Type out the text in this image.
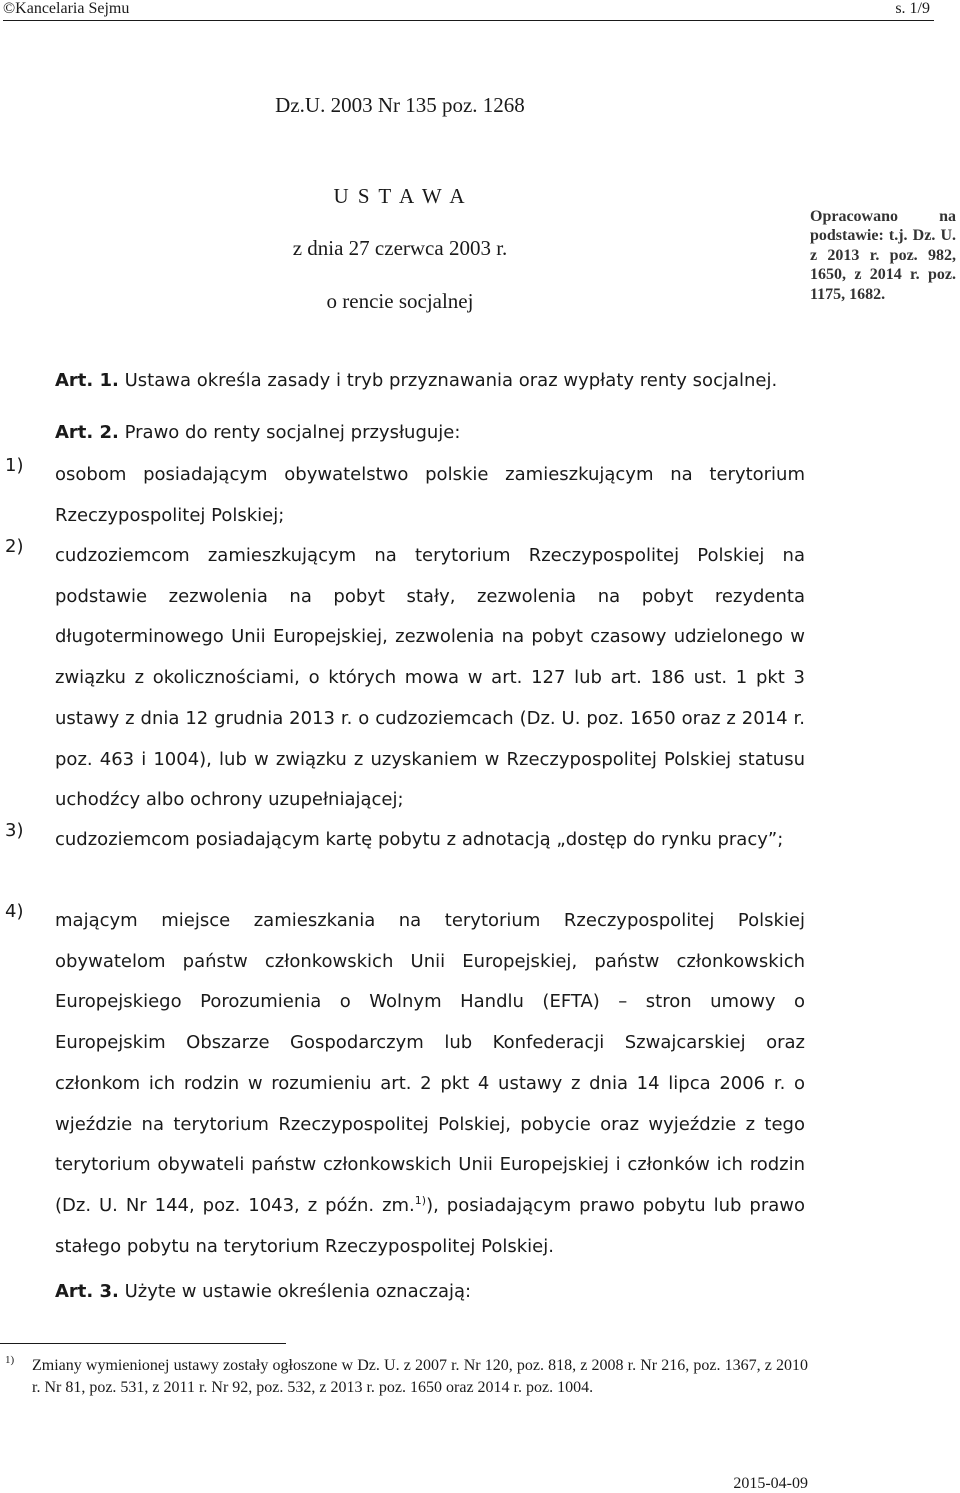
©Kancelaria Sejmu	s. 1/9
Dz.U. 2003 Nr 135 poz. 1268
U S T A W A
z dnia 27 czerwca 2003 r.
o rencie socjalnej
Opracowano na podstawie: t.j. Dz. U. z 2013 r. poz. 982, 1650, z 2014 r. poz. 1175, 1682.
Art. 1. Ustawa określa zasady i tryb przyznawania oraz wypłaty renty socjalnej.
Art. 2. Prawo do renty socjalnej przysługuje:
1) osobom posiadającym obywatelstwo polskie zamieszkującym na terytorium Rzeczypospolitej Polskiej;
2) cudzoziemcom zamieszkującym na terytorium Rzeczypospolitej Polskiej na podstawie zezwolenia na pobyt stały, zezwolenia na pobyt rezydenta długoterminowego Unii Europejskiej, zezwolenia na pobyt czasowy udzielonego w związku z okolicznościami, o których mowa w art. 127 lub art. 186 ust. 1 pkt 3 ustawy z dnia 12 grudnia 2013 r. o cudzoziemcach (Dz. U. poz. 1650 oraz z 2014 r. poz. 463 i 1004), lub w związku z uzyskaniem w Rzeczypospolitej Polskiej statusu uchodźcy albo ochrony uzupełniającej;
3) cudzoziemcom posiadającym kartę pobytu z adnotacją „dostęp do rynku pracy”;
4) mającym miejsce zamieszkania na terytorium Rzeczypospolitej Polskiej obywatelom państw członkowskich Unii Europejskiej, państw członkowskich Europejskiego Porozumienia o Wolnym Handlu (EFTA) – stron umowy o Europejskim Obszarze Gospodarczym lub Konfederacji Szwajcarskiej oraz członkom ich rodzin w rozumieniu art. 2 pkt 4 ustawy z dnia 14 lipca 2006 r. o wjeździe na terytorium Rzeczypospolitej Polskiej, pobycie oraz wyjeździe z tego terytorium obywateli państw członkowskich Unii Europejskiej i członków ich rodzin (Dz. U. Nr 144, poz. 1043, z późn. zm.$^{1)}$), posiadającym prawo pobytu lub prawo stałego pobytu na terytorium Rzeczypospolitej Polskiej.
Art. 3. Użyte w ustawie określenia oznaczają:
1) Zmiany wymienionej ustawy zostały ogłoszone w Dz. U. z 2007 r. Nr 120, poz. 818, z 2008 r. Nr 216, poz. 1367, z 2010 r. Nr 81, poz. 531, z 2011 r. Nr 92, poz. 532, z 2013 r. poz. 1650 oraz 2014 r. poz. 1004.
2015-04-09
